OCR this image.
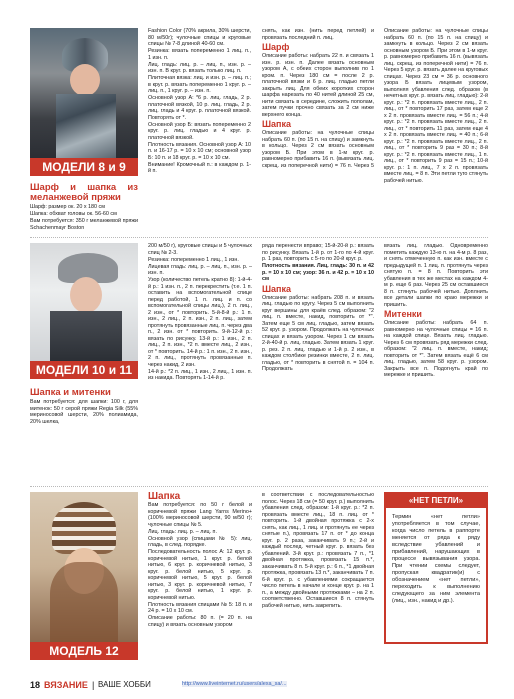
МОДЕЛИ 8 и 9
Шарф и шапка из меланжевой пряжи

Шарф: размер ок. 20 х 180 см

Шапка: обхват головы ок. 56-60 см

Вам потребуется: 350 г меланжевой пряжи Schachenmayr Boston

Fashion Color (70% акрила, 30% шерсти, 80 м/50г); чулочные спицы и круговые спицы № 7-8 длиной 40-60 см.

Резинка: вязать попеременно 1 лиц. п., 1 изн. п.

Лиц. гладь: лиц. р. – лиц. п., изн. р. – изн. п. В круг. р. вязать только лиц. п.

Плиточная вязка: лиц. и изн. р. – лиц. п.; в круг. р. вязать попеременно 1 круг. р. – лиц. п., 1 круг. р. – изн. п.

Основной узор А: *6 р. лиц. гладь, 2 р. платочной вязкой, 10 р. лиц. гладь, 2 р. лиц. гладь и 4 круг. р. платочной вязкой. Повторять от *.

Основной узор Б: вязать попеременно 2 круг. р. лиц. гладью и 4 круг. р. платочной вязкой.

Плотность вязания. Основной узор А: 10 п. и 16-17 р. = 10 х 10 см; основной узор Б: 10 п. и 18 круг. р. = 10 х 10 см.

Внимание! Кромочный п.: в каждом р. 1-й п.

снять, как изн. (нить перед петлей) и провязать последний п. лиц.

Шарф

Описание работы: набрать 22 п. и связать 1 изн. р. изн. п. Далее вязать основным узором А, с обеих сторон выполнив по 1 кром. п. Через 180 см = после 2 р. платочной вязки и 6 р. лиц. гладью петли закрыть лиц. Для обеих коротких сторон шарфа нарезать по 40 нитей длиной 25 см, нити связать в середине, сложить пополам, затем пучки прочно связать за 2 см ниже верхнего конца.

Шапка

Описание работы: на чулочные спицы набрать 60 п. (по 15 п. на спицу) и замкнуть в кольцо. Через 2 см вязать основным узором Б. При этом в 1-м круг. р. равномерно прибавить 16 п. (вывязать лиц. скрещ. из поперечной нити) = 76 п. Через 5

Описание работы: на чулочные спицы набрать 60 п. (по 15 п. на спицу) и замкнуть в кольцо. Через 2 см вязать основным узором Б. При этом в 1-м круг. р. равномерно прибавить 16 п. (вывязать лиц. скрещ. из поперечной нити) = 76 п. Через 5 круг. р. вязать далее на круговых спицах. Через 23 см = 36 р. основного узора Б вязать лицевым узором, выполняя убавления след. образом (в нечетных круг. р. вязать лиц. гладью): 2-й круг. р.: *2 п. провязать вместе лиц., 2 п. лиц., от * повторить 17 раз, затем еще 2 х 2 п. провязать вместе лиц. = 56 п.; 4-й круг. р.: *2 п. провязать вместе лиц., 2 п. лиц., от * повторить 11 раз, затем еще 4 х 2 п. провязать вместе лиц. = 40 п.; 6-й круг. р.: *2 п. провязать вместе лиц., 2 п. лиц., от * повторить 9 раз = 30 п.; 8-й круг. р.: *2 п. провязать вместе лиц., 1 п. лиц., от * повторить 9 раз = 15 п.; 10-й круг. р.: 1 п. лиц., 7 х 2 п. провязать вместе лиц. = 8 п. Эти петли туго стянуть рабочей нитью.

МОДЕЛИ 10 и 11
Шапка и митенки

Вам потребуется: для шапки: 100 г, для митенок: 50 г серой пряжи Regia Silk (55% мериносовой шерсти, 20% полиамида, 20% шелка,

200 м/50 г), круговые спицы и 5 чулочных спиц № 2-3.

Резинка: попеременно 1 лиц., 1 изн.

Лицевая гладь: лиц. р. – лиц. п., изн. р. – изн. п.

Узор (количество петель кратно 8): 1-й-4-й р.: 1 изн. п., 2 п. перекрестить (т.е. 1 п. оставить на вспомогательной спице перед работой, 1 п. лиц. и п. со вспомогательной спицы лиц.), 2 п. лиц., 2 изн., от * повторить. 5-й-8-й р.: 1 п. изн., 2 лиц., 2 п. изн., 2 п. лиц., затем протянуть провязанные лиц. п. через два п., 2 изн. от * повторить. 9-й-12-й р.: вязать по рисунку. 13-й р.: 1 изн., 2 п. лиц., 2 п. изн., *2 п. вместе лиц., 2 изн., от * повторить. 14-й р.: 1 п. изн., 2 п. изн., 2 п. лиц., протянуть провязанные п. через накид, 2 изн.

14-й р.: *2 п. лиц., 1 изн., 2 лиц., 1 изн. п. из накида. Повторять 1-14-й р.

ряда перенести вправо; 15-й-20-й р.: вязать по рисунку. Вязать 1-й р. от 1-го по 4-й круг. р. 1 раз, повторить с 5-го по 20-й круг. р.

Плотность вязания. Лиц. гладь: 30 п. и 42 р. = 10 х 10 см; узор: 36 п. и 42 р. = 10 х 10 см

Шапка

Описание работы: набрать 208 п. и вязать лиц. гладью по кругу. Через 5 см выполнить круг вершины для краёв след. образом: "2 лиц. п. вместе, накид, повторить от *". Затем еще 5 см лиц. гладью, затем вязать 52 круг. р. узором. Продолжать на чулочных спицах и вязать узором. Через 1 см вязать 2-й-40-й р. лиц. гладью. Затем вязать 1 круг. р. рез. 2 п. лиц. гладью и 1-й р. 2 изн., в каждом столбике резинки вместе, 2 п. лиц. гладью, от * повторить в снятой п. = 104 п. Продолжать

вязать лиц. гладью. Одновременно пометить каждую 13-ю п. на 4-м р. 8 раз, и снять отмеченную п. как изн. вместе с предыдущей п. 1 лиц. п. протянуть через снятую п. = 8 п. Повторить эти убавления в тех же местах на каждом 4-м р. еще 6 раз. Через 25 см оставшиеся 8 п. стянуть рабочей нитью. Доплнить все детали шапки по краю мережки и пришить.

Митенки

Описание работы: набрать 64 п. равномерно на чулочные спицы = 16 п. на каждой спице. Вязать лиц. гладью. Через 6 см провязать ряд мережки след. образом: "2 лиц. п. вместе, накид; повторить от *". Затем вязать ещё 6 см лиц. гладью, затем 58 круг. р. узором. Закрыть все п. Подогнуть край по мережке и пришить.

МОДЕЛЬ 12
Шапка

Вам потребуется: по 50 г белой и коричневой пряжи Lang Yarns Merino+ (100% мериносовой шерсти, 90 м/50 г); чулочные спицы № 5.

Лиц. гладь: лиц. р. – лиц. п.

Основной узор (спицами № 5): лиц. гладь, в след. порядке.

Последовательность полос А: 12 круг. р. коричневой нитью, 1 круг. р. белой нитью, 6 круг. р. коричневой нитью, 3 круг. р. белой нитью, 5 круг. р. коричневой нитью, 5 круг. р. белой нитью, 3 круг. р. коричневой нитью, 7 круг. р. белой нитью, 1 круг. р. коричневой нитью.

Плотность вязания спицами № 5: 18 п. и 24 р. = 10 х 10 см.

Описание работы: 80 п. (= 20 п. на спицу) и вязать основным узором

в соответствии с последовательностью полос. Через 18 см (= 50 круг. р.) выполнить убавления след. образом: 1-й круг. р.: *2 п. провязать вместе лиц., 18 п. лиц. от * повторить. 1-й двойная протяжка с 2-х снять, как лиц., 1 лиц. и протянуть ее через снятые п.), провязать 17 п. от * до конца круг. р. 2 раза, заканчивать 9 п.; 2-й и каждый послед. четный круг. р. вязать без убавлений. 3-й круг. р.: провязать 7 п., *1 двойная протяжка, провязать 15 п.*, заканчивать 8 п. 5-й круг. р.: 6 п., *1 двойная протяжка, провязать 13 п.*, заканчивать 7 п. 6-й круг. р. с убавлениями сокращается число петель в начале и конце круг. р. на 1 п., а между двойными протяжками – на 2 п. соответственно. Оставшиеся 8 п. стянуть рабочей нитью, нить закрепить.

«НЕТ ПЕТЛИ»
Термин «нет петли» употребляется в том случае, когда число петель в раппорте меняется от ряда к ряду вследствие убавлений и прибавлений, нарушающих в процессе вывязывания узора. При чтении схемы следует, пропуская квадратик(и) с обозначением «нет петли», переходить к выполнению следующего за ним элемента (лиц., изн., накид и др.).
18 ВЯЗАНИЕ | ВАШЕ ХОББИ	http://www.liveinternet.ru/users/alexa_sa/...
